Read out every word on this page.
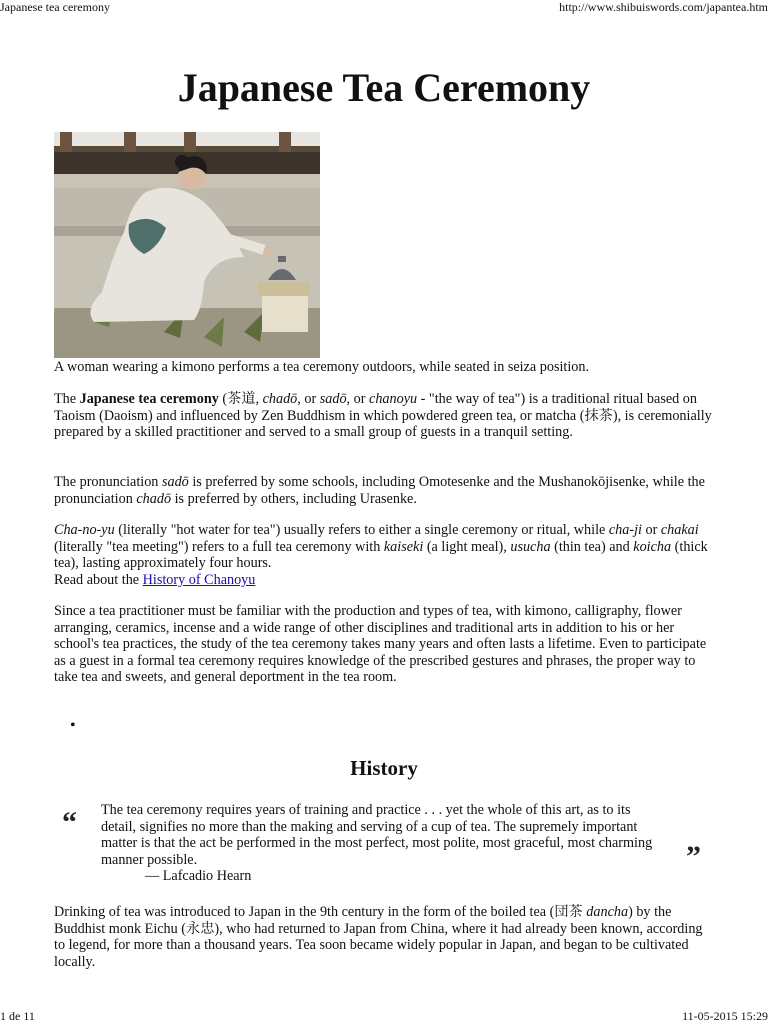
Japanese tea ceremony	http://www.shibuiswords.com/japantea.htm
Japanese Tea Ceremony
A woman wearing a kimono performs a tea ceremony outdoors, while seated in seiza position.
The Japanese tea ceremony (茶道, chadō, or sadō, or chanoyu - "the way of tea") is a traditional ritual based on Taoism (Daoism) and influenced by Zen Buddhism in which powdered green tea, or matcha (抹茶), is ceremonially prepared by a skilled practitioner and served to a small group of guests in a tranquil setting.
The pronunciation sadō is preferred by some schools, including Omotesenke and the Mushanokōjisenke, while the pronunciation chadō is preferred by others, including Urasenke.
Cha-no-yu (literally "hot water for tea") usually refers to either a single ceremony or ritual, while cha-ji or chakai (literally "tea meeting") refers to a full tea ceremony with kaiseki (a light meal), usucha (thin tea) and koicha (thick tea), lasting approximately four hours.
Read about the History of Chanoyu
Since a tea practitioner must be familiar with the production and types of tea, with kimono, calligraphy, flower arranging, ceramics, incense and a wide range of other disciplines and traditional arts in addition to his or her school's tea practices, the study of the tea ceremony takes many years and often lasts a lifetime. Even to participate as a guest in a formal tea ceremony requires knowledge of the prescribed gestures and phrases, the proper way to take tea and sweets, and general deportment in the tea room.
•
History
“ The tea ceremony requires years of training and practice . . . yet the whole of this art, as to its detail, signifies no more than the making and serving of a cup of tea. The supremely important matter is that the act be performed in the most perfect, most polite, most graceful, most charming manner possible.
— Lafcadio Hearn
”
Drinking of tea was introduced to Japan in the 9th century in the form of the boiled tea (団茶 dancha) by the Buddhist monk Eichu (永忠), who had returned to Japan from China, where it had already been known, according to legend, for more than a thousand years. Tea soon became widely popular in Japan, and began to be cultivated locally.
1 de 11	11-05-2015 15:29
